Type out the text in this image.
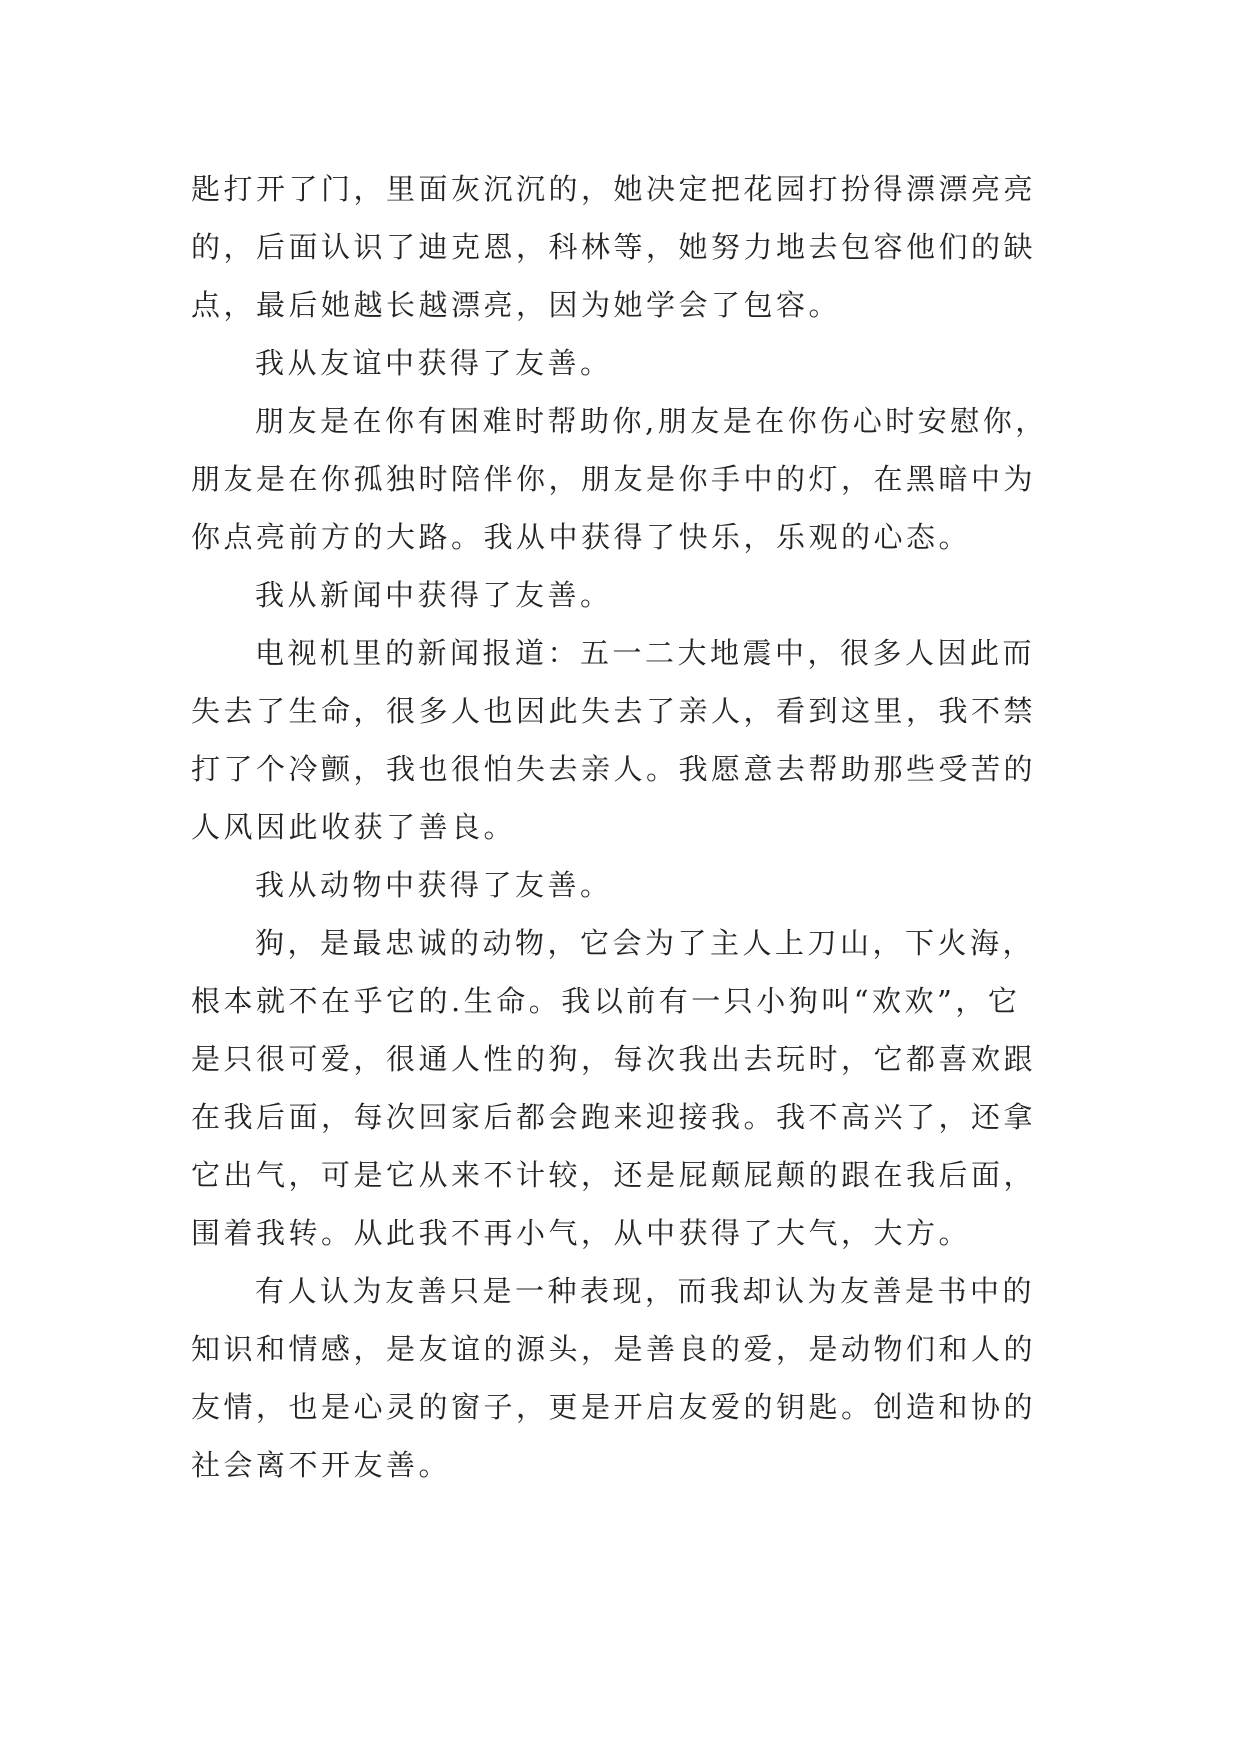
匙打开了门，里面灰沉沉的，她决定把花园打扮得漂漂亮亮
的，后面认识了迪克恩，科林等，她努力地去包容他们的缺
点，最后她越长越漂亮，因为她学会了包容。
我从友谊中获得了友善。
朋友是在你有困难时帮助你,朋友是在你伤心时安慰你，
朋友是在你孤独时陪伴你，朋友是你手中的灯，在黑暗中为
你点亮前方的大路。我从中获得了快乐，乐观的心态。
我从新闻中获得了友善。
电视机里的新闻报道：五一二大地震中，很多人因此而
失去了生命，很多人也因此失去了亲人，看到这里，我不禁
打了个冷颤，我也很怕失去亲人。我愿意去帮助那些受苦的
人风因此收获了善良。
我从动物中获得了友善。
狗，是最忠诚的动物，它会为了主人上刀山，下火海，
根本就不在乎它的.生命。我以前有一只小狗叫“欢欢”，它
是只很可爱，很通人性的狗，每次我出去玩时，它都喜欢跟
在我后面，每次回家后都会跑来迎接我。我不高兴了，还拿
它出气，可是它从来不计较，还是屁颠屁颠的跟在我后面，
围着我转。从此我不再小气，从中获得了大气，大方。
有人认为友善只是一种表现，而我却认为友善是书中的
知识和情感，是友谊的源头，是善良的爱，是动物们和人的
友情，也是心灵的窗子，更是开启友爱的钥匙。创造和协的
社会离不开友善。
